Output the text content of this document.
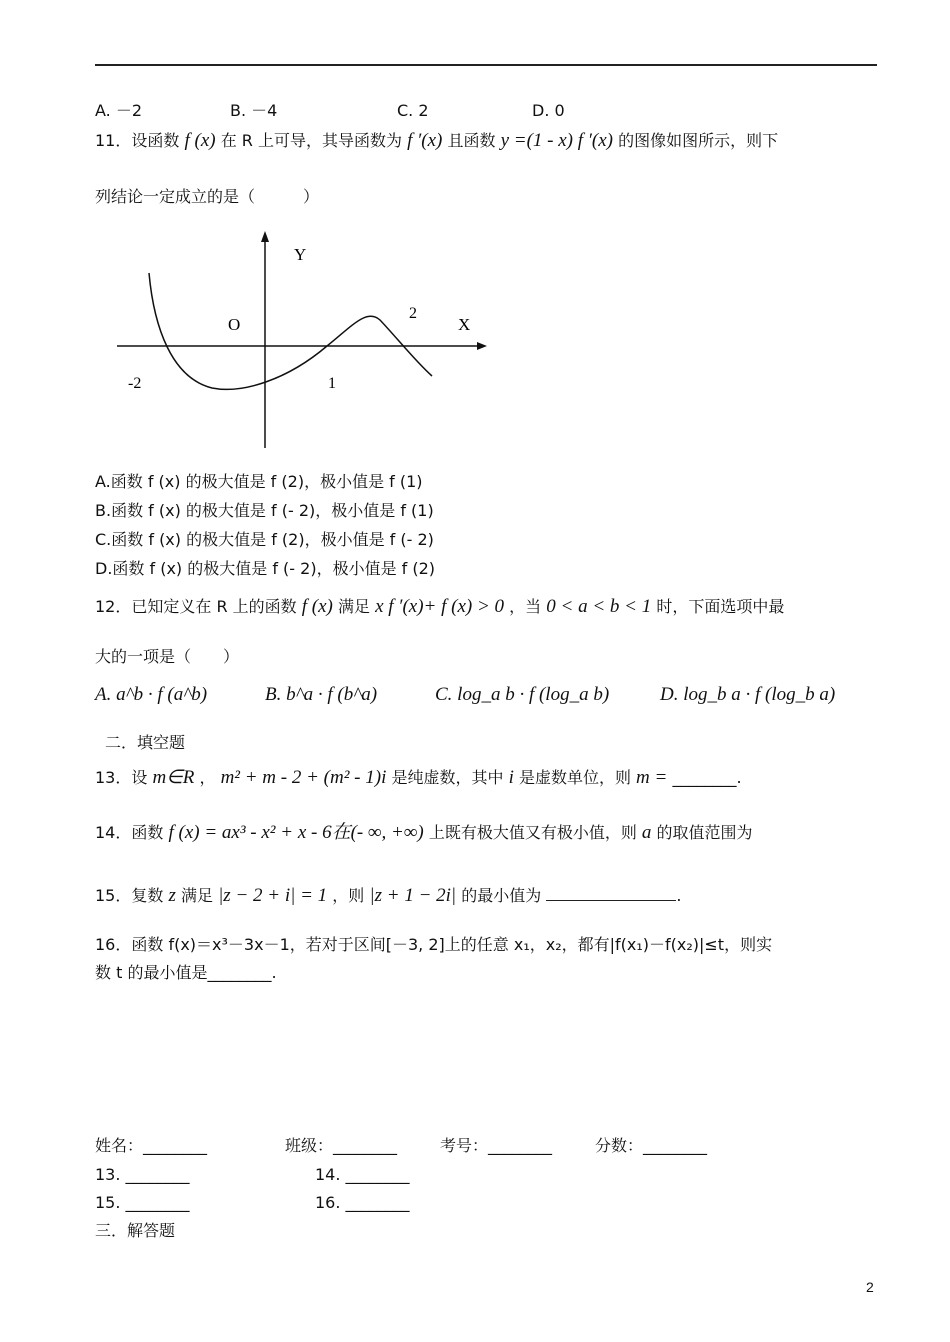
A. －2	B. －4	C. 2	D. 0
11．设函数 f (x) 在 R 上可导，其导函数为 f ′(x) 且函数 y =(1 - x) f ′(x) 的图像如图所示，则下
列结论一定成立的是（　　　）
Y
O	X
-2	1
2
A.函数 f (x) 的极大值是 f (2)，极小值是 f (1)
B.函数 f (x) 的极大值是 f (- 2)，极小值是 f (1)
C.函数 f (x) 的极大值是 f (2)，极小值是 f (- 2)
D.函数 f (x) 的极大值是 f (- 2)，极小值是 f (2)
12．已知定义在 R 上的函数 f (x) 满足 x f ′(x)+ f (x) > 0 ，当 0 < a < b < 1 时，下面选项中最
大的一项是（　　）
A. a^b · f (a^b)	B. b^a · f (b^a)	C. log_a b · f (log_a b)	D. log_b a · f (log_b a)
二．填空题
13．设 m∈R ， m² + m - 2 + (m² - 1)i 是纯虚数，其中 i 是虚数单位，则 m = ________.
14．函数 f (x) = ax³ - x² + x - 6在(- ∞, +∞) 上既有极大值又有极小值，则 a 的取值范围为
15．复数 z 满足 |z − 2 + i| = 1 ，则 |z + 1 − 2i| 的最小值为	.
16．函数 f(x)＝x³－3x－1，若对于区间[－3, 2]上的任意 x₁，x₂，都有|f(x₁)－f(x₂)|≤t，则实
数 t 的最小值是________.
姓名：________	班级：________	考号：________	分数：________
13. ________	14. ________
15. ________	16. ________
三．解答题
2
